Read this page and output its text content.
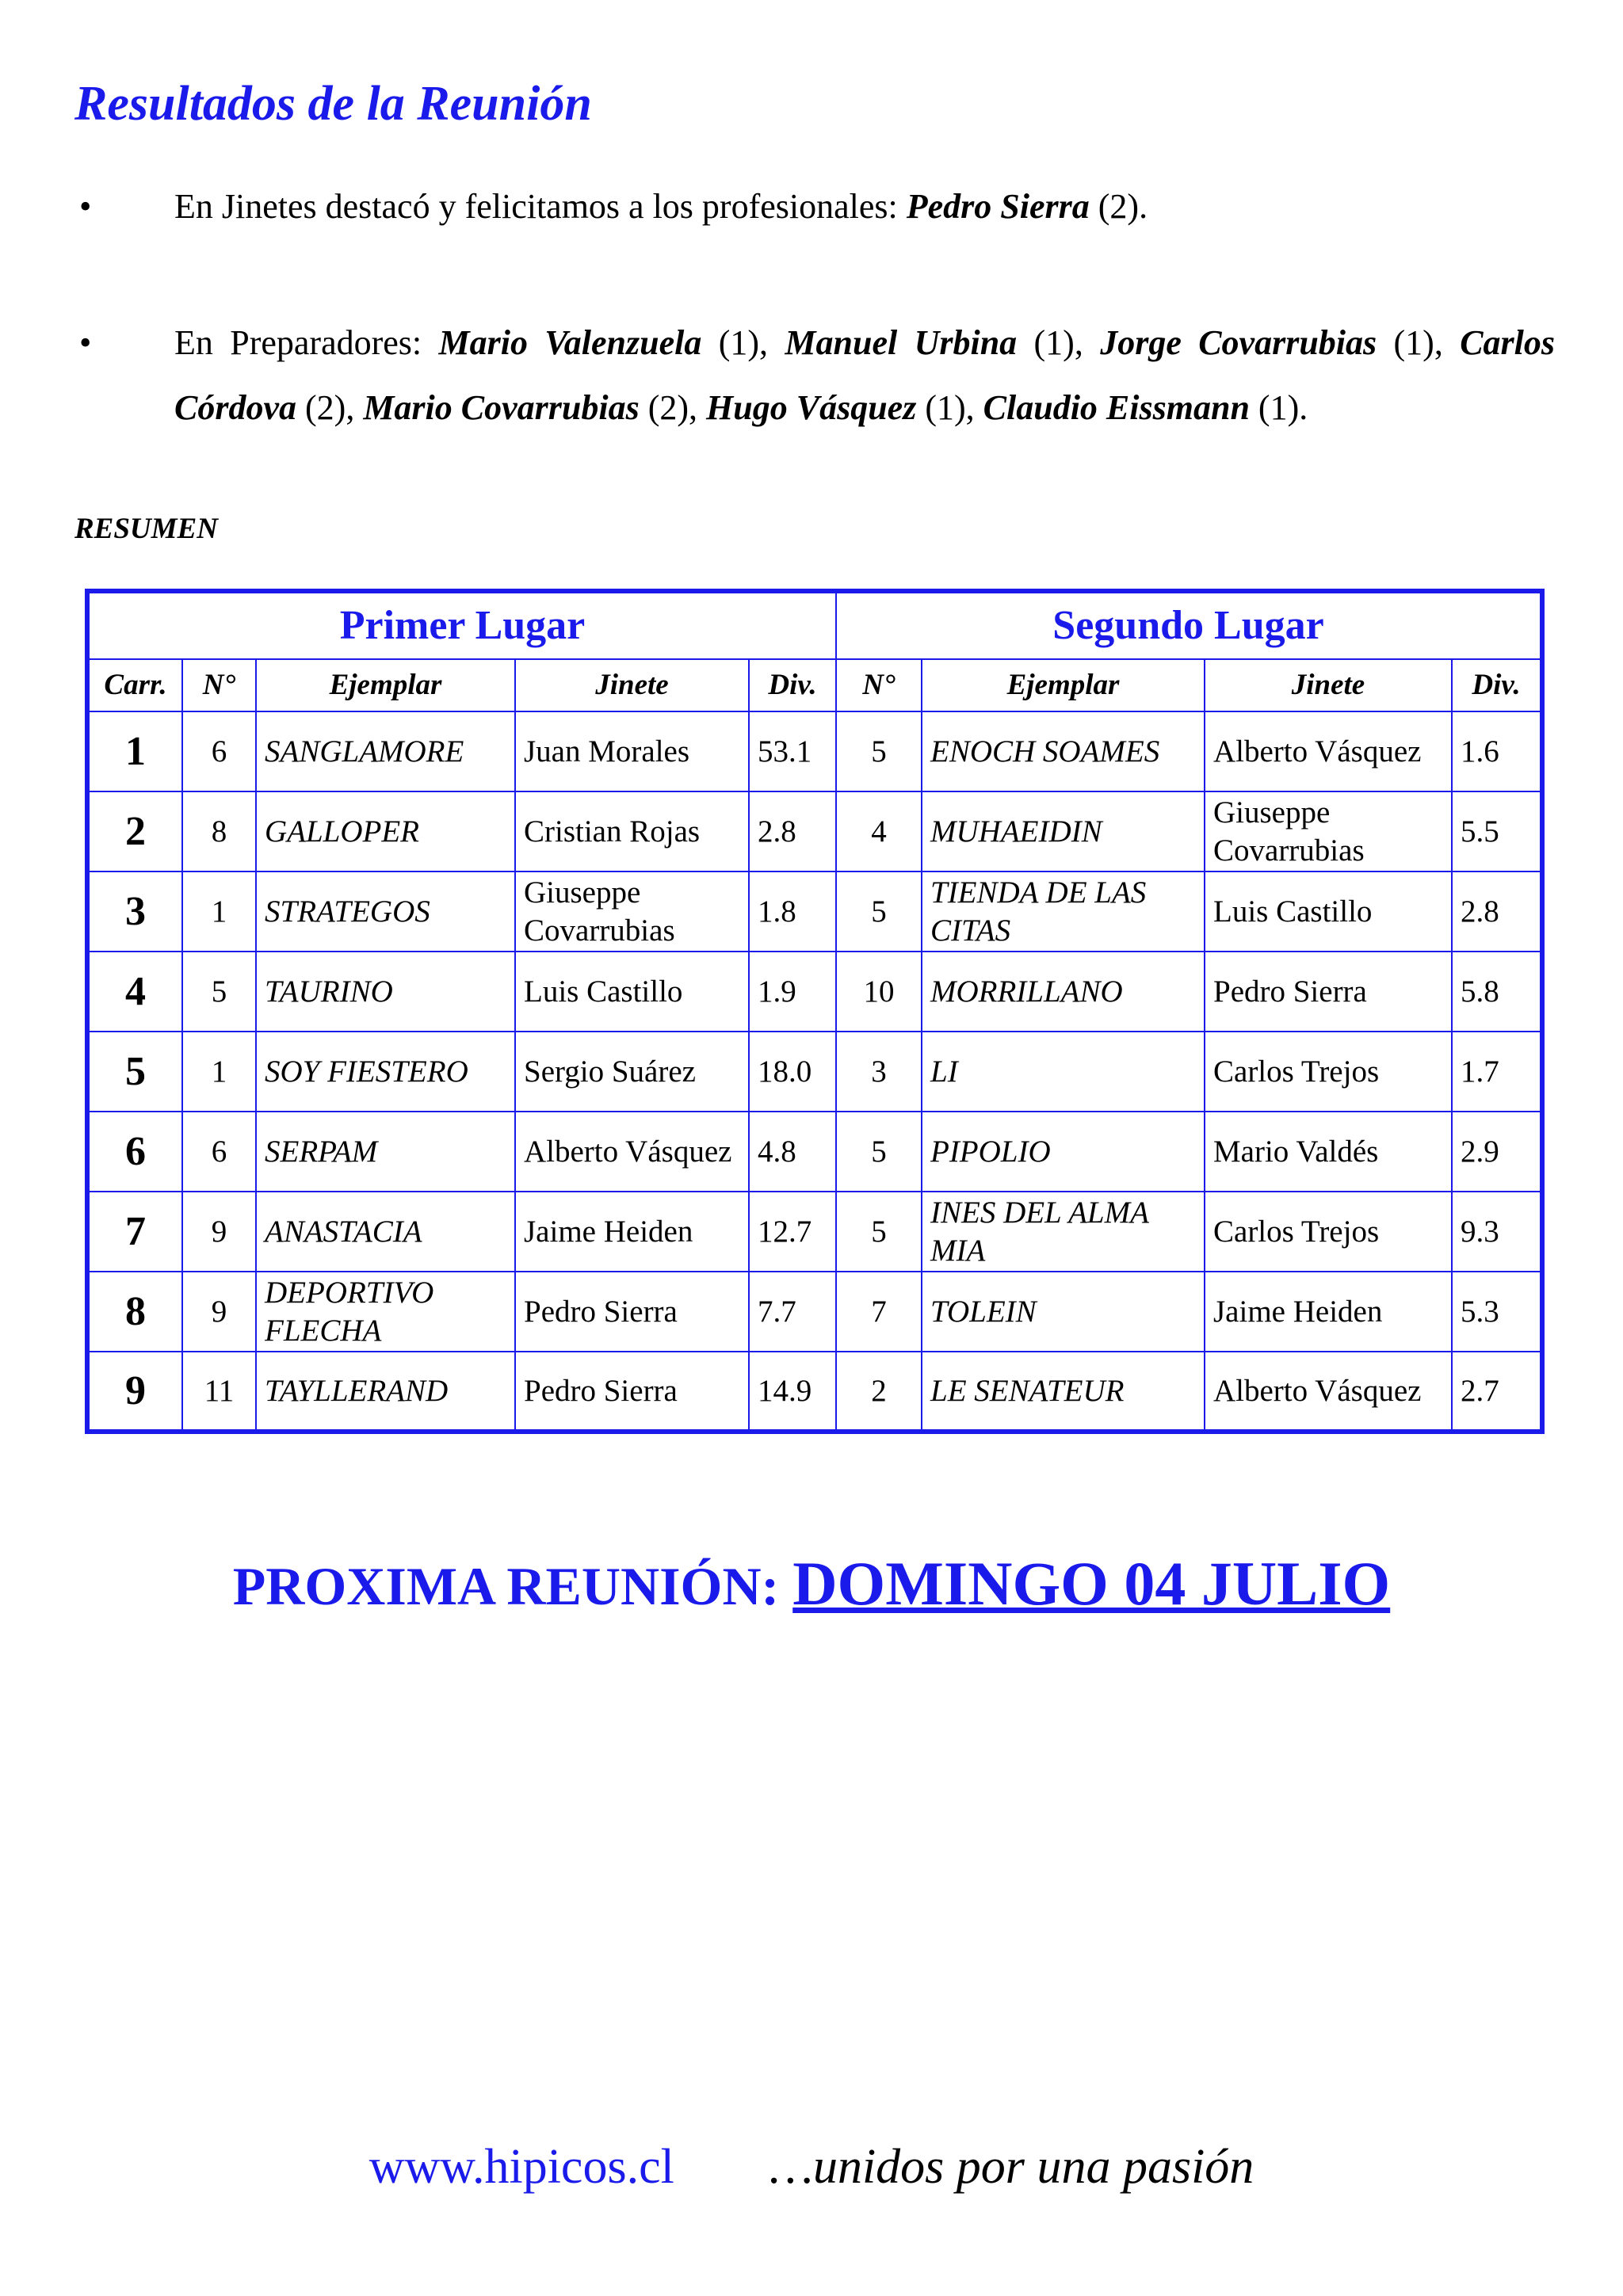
Resultados de la Reunión
• En Jinetes destacó y felicitamos a los profesionales: Pedro Sierra (2).
• En Preparadores: Mario Valenzuela (1), Manuel Urbina (1), Jorge Covarrubias (1), Carlos Córdova (2), Mario Covarrubias (2), Hugo Vásquez (1), Claudio Eissmann (1).
RESUMEN
Primer Lugar					Segundo Lugar			
Carr.	N°	Ejemplar	Jinete	Div.	N°	Ejemplar	Jinete	Div.
1	6	SANGLAMORE	Juan Morales	53.1	5	ENOCH SOAMES	Alberto Vásquez	1.6
2	8	GALLOPER	Cristian Rojas	2.8	4	MUHAEIDIN	Giuseppe Covarrubias	5.5
3	1	STRATEGOS	Giuseppe Covarrubias	1.8	5	TIENDA DE LAS CITAS	Luis Castillo	2.8
4	5	TAURINO	Luis Castillo	1.9	10	MORRILLANO	Pedro Sierra	5.8
5	1	SOY FIESTERO	Sergio Suárez	18.0	3	LI	Carlos Trejos	1.7
6	6	SERPAM	Alberto Vásquez	4.8	5	PIPOLIO	Mario Valdés	2.9
7	9	ANASTACIA	Jaime Heiden	12.7	5	INES DEL ALMA MIA	Carlos Trejos	9.3
8	9	DEPORTIVO FLECHA	Pedro Sierra	7.7	7	TOLEIN	Jaime Heiden	5.3
9	11	TAYLLERAND	Pedro Sierra	14.9	2	LE SENATEUR	Alberto Vásquez	2.7
PROXIMA REUNIÓN: DOMINGO 04 JULIO
www.hipicos.cl …unidos por una pasión
